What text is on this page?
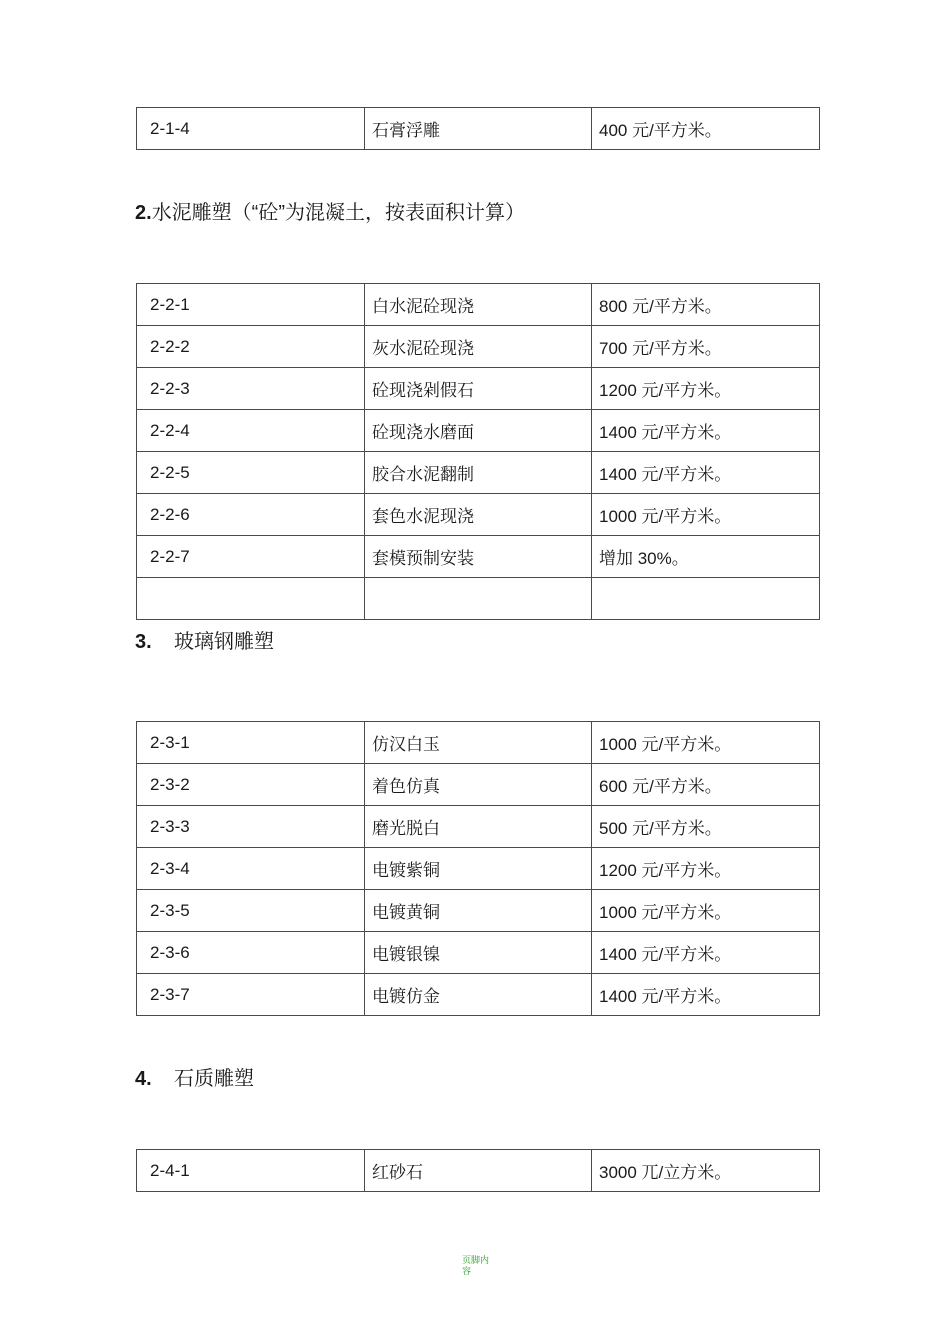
2-1-4	石膏浮雕	400 元/平方米。
2.水泥雕塑（“砼”为混凝土，按表面积计算）
2-2-1	白水泥砼现浇	800 元/平方米。
2-2-2	灰水泥砼现浇	700 元/平方米。
2-2-3	砼现浇剁假石	1200 元/平方米。
2-2-4	砼现浇水磨面	1400 元/平方米。
2-2-5	胶合水泥翻制	1400 元/平方米。
2-2-6	套色水泥现浇	1000 元/平方米。
2-2-7	套模预制安装	增加 30%。

3. 玻璃钢雕塑
2-3-1	仿汉白玉	1000 元/平方米。
2-3-2	着色仿真	600 元/平方米。
2-3-3	磨光脱白	500 元/平方米。
2-3-4	电镀紫铜	1200 元/平方米。
2-3-5	电镀黄铜	1000 元/平方米。
2-3-6	电镀银镍	1400 元/平方米。
2-3-7	电镀仿金	1400 元/平方米。
4. 石质雕塑
2-4-1	红砂石	3000 兀/立方米。
页脚内容
